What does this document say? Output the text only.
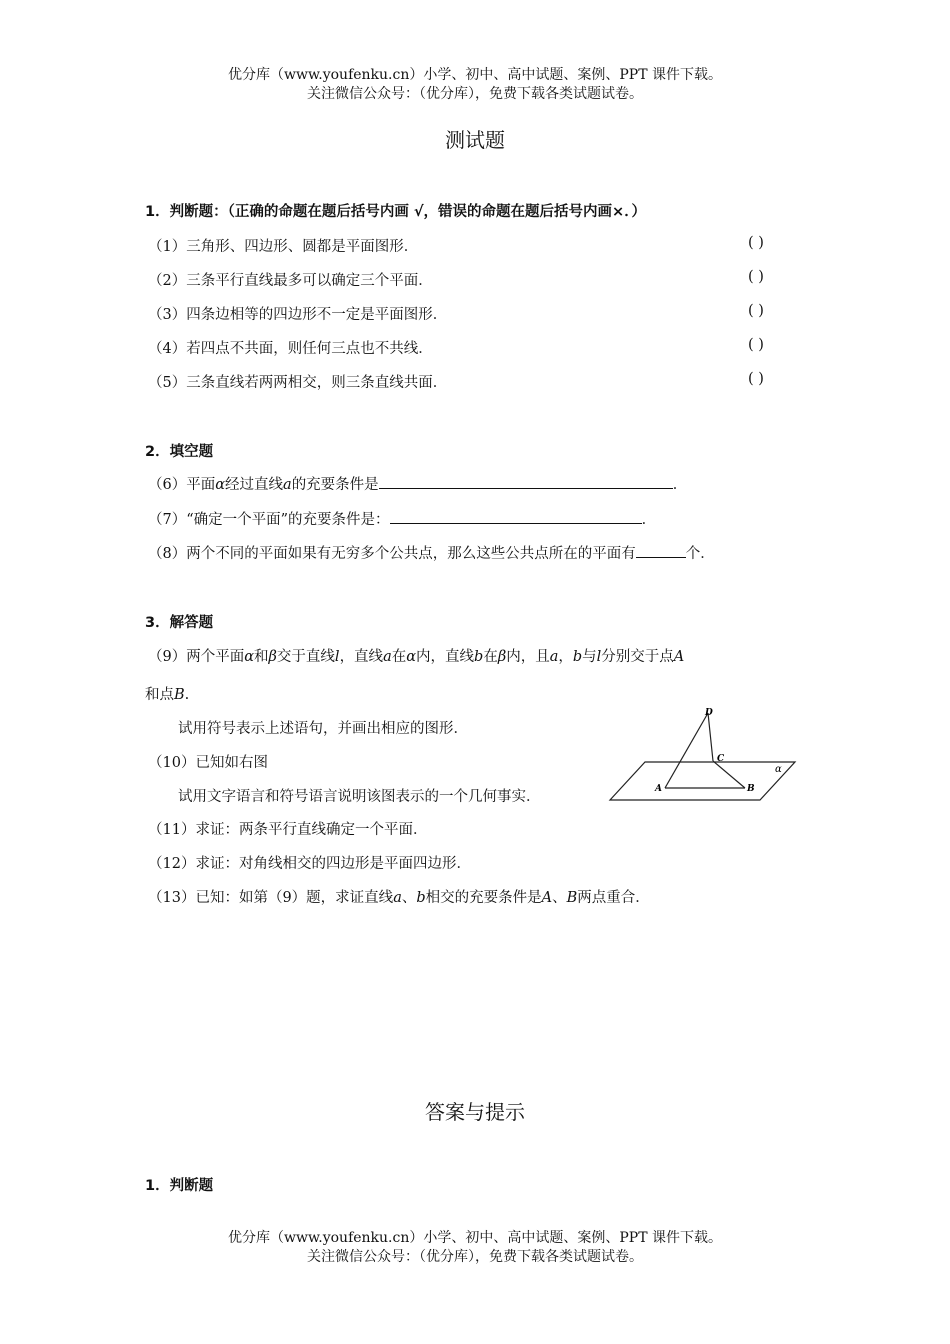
优分库（www.youfenku.cn）小学、初中、高中试题、案例、PPT 课件下载。
关注微信公众号：（优分库），免费下载各类试题试卷。
测试题
1．判断题：（正确的命题在题后括号内画 √，错误的命题在题后括号内画×．）
（1）三角形、四边形、圆都是平面图形．	( )
（2）三条平行直线最多可以确定三个平面．	( )
（3）四条边相等的四边形不一定是平面图形．	( )
（4）若四点不共面，则任何三点也不共线．	( )
（5）三条直线若两两相交，则三条直线共面．	( )
2．填空题
（6）平面α经过直线a的充要条件是	．
（7）“确定一个平面”的充要条件是：	．
（8）两个不同的平面如果有无穷多个公共点，那么这些公共点所在的平面有	个．
3．解答题
（9）两个平面α和β交于直线l，直线a在α内，直线b在β内，且a，b与l分别交于点A
和点B.
试用符号表示上述语句，并画出相应的图形．
（10）已知如右图
试用文字语言和符号语言说明该图表示的一个几何事实．
（11）求证：两条平行直线确定一个平面．
（12）求证：对角线相交的四边形是平面四边形．
（13）已知：如第（9）题，求证直线a、b相交的充要条件是A、B两点重合．
D
C
A	B
α
答案与提示
1．判断题
优分库（www.youfenku.cn）小学、初中、高中试题、案例、PPT 课件下载。
关注微信公众号：（优分库），免费下载各类试题试卷。
